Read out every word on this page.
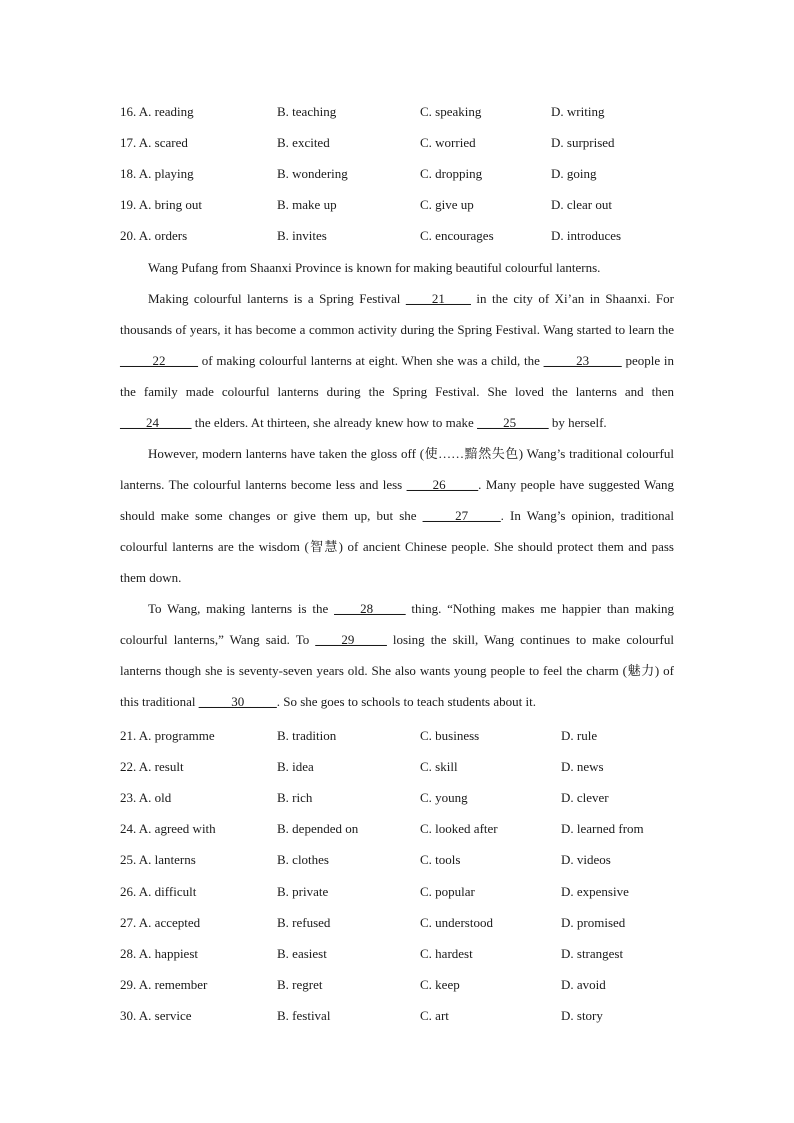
16. A. reading	B. teaching	C. speaking	D. writing
17. A. scared	B. excited	C. worried	D. surprised
18. A. playing	B. wondering	C. dropping	D. going
19. A. bring out	B. make up	C. give up	D. clear out
20. A. orders	B. invites	C. encourages	D. introduces

Wang Pufang from Shaanxi Province is known for making beautiful colourful lanterns.

Making colourful lanterns is a Spring Festival ____21____ in the city of Xi’an in Shaanxi. For thousands of years, it has become a common activity during the Spring Festival. Wang started to learn the _____22_____ of making colourful lanterns at eight. When she was a child, the _____23_____ people in the family made colourful lanterns during the Spring Festival. She loved the lanterns and then ____24_____ the elders. At thirteen, she already knew how to make ____25_____ by herself.

However, modern lanterns have taken the gloss off (使……黯然失色) Wang’s traditional colourful lanterns. The colourful lanterns become less and less ____26_____. Many people have suggested Wang should make some changes or give them up, but she _____27_____. In Wang’s opinion, traditional colourful lanterns are the wisdom (智慧) of ancient Chinese people. She should protect them and pass them down.

To Wang, making lanterns is the ____28_____ thing. “Nothing makes me happier than making colourful lanterns,” Wang said. To ____29_____ losing the skill, Wang continues to make colourful lanterns though she is seventy-seven years old. She also wants young people to feel the charm (魅力) of this traditional _____30_____. So she goes to schools to teach students about it.

21. A. programme	B. tradition	C. business	D. rule
22. A. result	B. idea	C. skill	D. news
23. A. old	B. rich	C. young	D. clever
24. A. agreed with	B. depended on	C. looked after	D. learned from
25. A. lanterns	B. clothes	C. tools	D. videos
26. A. difficult	B. private	C. popular	D. expensive
27. A. accepted	B. refused	C. understood	D. promised
28. A. happiest	B. easiest	C. hardest	D. strangest
29. A. remember	B. regret	C. keep	D. avoid
30. A. service	B. festival	C. art	D. story
